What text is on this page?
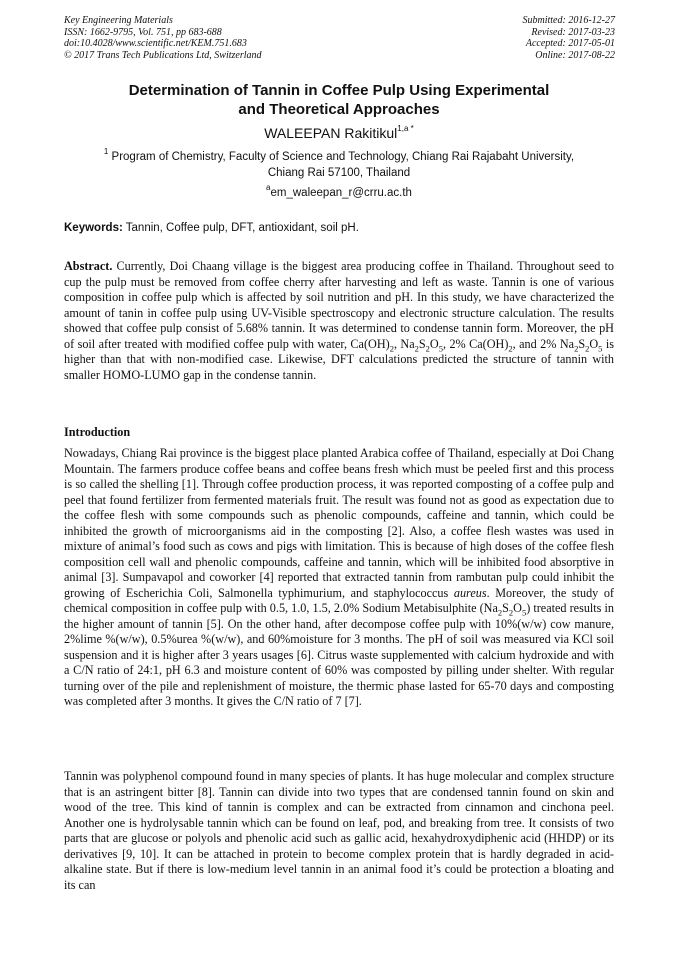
Key Engineering Materials
ISSN: 1662-9795, Vol. 751, pp 683-688
doi:10.4028/www.scientific.net/KEM.751.683
© 2017 Trans Tech Publications Ltd, Switzerland
Submitted: 2016-12-27
Revised: 2017-03-23
Accepted: 2017-05-01
Online: 2017-08-22
Determination of Tannin in Coffee Pulp Using Experimental
and Theoretical Approaches
WALEEPAN Rakitikul$^{1,a *}$
$^1$ Program of Chemistry, Faculty of Science and Technology, Chiang Rai Rajabaht University,
Chiang Rai 57100, Thailand
$^a$em_waleepan_r@crru.ac.th
Keywords: Tannin, Coffee pulp, DFT, antioxidant, soil pH.
Abstract. Currently, Doi Chaang village is the biggest area producing coffee in Thailand. Throughout seed to cup the pulp must be removed from coffee cherry after harvesting and left as waste. Tannin is one of various composition in coffee pulp which is affected by soil nutrition and pH. In this study, we have characterized the amount of tanin in coffee pulp using UV-Visible spectroscopy and electronic structure calculation. The results showed that coffee pulp consist of 5.68% tannin. It was determined to condense tannin form. Moreover, the pH of soil after treated with modified coffee pulp with water, $Ca(OH)_2$, $Na_2S_2O_5$, 2% $Ca(OH)_2$, and 2% $Na_2S_2O_5$ is higher than that with non-modified case. Likewise, DFT calculations predicted the structure of tannin with smaller HOMO-LUMO gap in the condense tannin.
Introduction
Nowadays, Chiang Rai province is the biggest place planted Arabica coffee of Thailand, especially at Doi Chang Mountain. The farmers produce coffee beans and coffee beans fresh which must be peeled first and this process is so called the shelling [1]. Through coffee production process, it was reported composting of a coffee pulp and peel that found fertilizer from fermented materials fruit. The result was found not as good as expectation due to the coffee flesh with some compounds such as phenolic compounds, caffeine and tannin, which could be inhibited the growth of microorganisms aid in the composting [2]. Also, a coffee flesh wastes was used in mixture of animal’s food such as cows and pigs with limitation. This is because of high doses of the coffee flesh composition cell wall and phenolic compounds, caffeine and tannin, which will be inhibited food absorptive in animal [3]. Sumpavapol and coworker [4] reported that extracted tannin from rambutan pulp could inhibit the growing of Escherichia Coli, Salmonella typhimurium, and staphylococcus aureus. Moreover, the study of chemical composition in coffee pulp with 0.5, 1.0, 1.5, 2.0% Sodium Metabisulphite $(Na_2S_2O_5)$ treated results in the higher amount of tannin [5]. On the other hand, after decompose coffee pulp with 10%(w/w) cow manure, 2%lime %(w/w), 0.5%urea %(w/w), and 60%moisture for 3 months. The pH of soil was measured via KCl soil suspension and it is higher after 3 years usages [6]. Citrus waste supplemented with calcium hydroxide and with a C/N ratio of 24:1, pH 6.3 and moisture content of 60% was composted by pilling under shelter. With regular turning over of the pile and replenishment of moisture, the thermic phase lasted for 65-70 days and composting was completed after 3 months. It gives the C/N ratio of 7 [7].
Tannin was polyphenol compound found in many species of plants. It has huge molecular and complex structure that is an astringent bitter [8]. Tannin can divide into two types that are condensed tannin found on skin and wood of the tree. This kind of tannin is complex and can be extracted from cinnamon and cinchona peel. Another one is hydrolysable tannin which can be found on leaf, pod, and breaking from tree. It consists of two parts that are glucose or polyols and phenolic acid such as gallic acid, hexahydroxydiphenic acid (HHDP) or its derivatives [9, 10]. It can be attached in protein to become complex protein that is hardly degraded in acid-alkaline state. But if there is low-medium level tannin in an animal food it’s could be protection a bloating and its can
